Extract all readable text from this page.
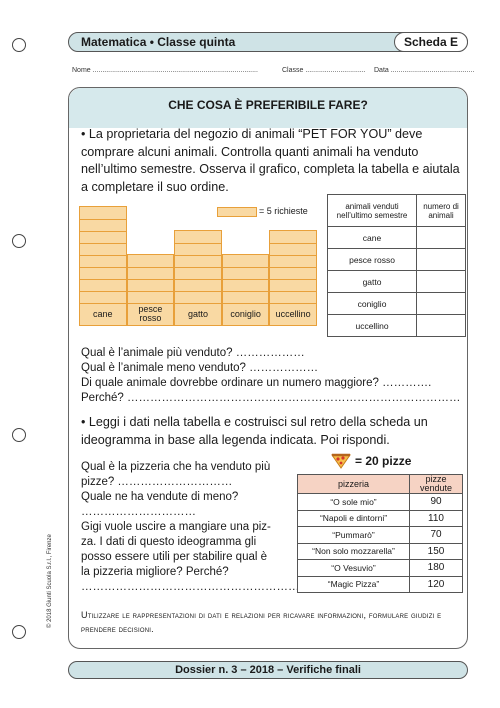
Matematica • Classe quinta	Scheda E
Nome .....................................................................................	Classe ............................... Data ...........................................
CHE COSA È PREFERIBILE FARE?
• La proprietaria del negozio di animali “PET FOR YOU” deve comprare alcuni animali. Controlla quanti animali ha venduto nell’ultimo semestre. Osserva il grafico, completa la tabella e aiutala a completare il suo ordine.
= 5 richieste
cane	pesce rosso	gatto	coniglio	uccellino
animali venduti nell’ultimo semestre	numero di animali
cane	
pesce rosso	
gatto	
coniglio	
uccellino	
Qual è l’animale più venduto? ………………
Qual è l’animale meno venduto? ………………
Di quale animale dovrebbe ordinare un numero maggiore? ………….
Perché? ……………………………………………………………………………
• Leggi i dati nella tabella e costruisci sul retro della scheda un ideogramma in base alla legenda indicata. Poi rispondi.
= 20 pizze
Qual è la pizzeria che ha venduto più
pizze? …………………………
Quale ne ha vendute di meno?
…………………………
Gigi vuole uscire a mangiare una piz-
za. I dati di questo ideogramma gli
posso essere utili per stabilire qual è
la pizzeria migliore? Perché?
…………………………………………………
pizzeria	pizze vendute
“O sole mio”	90
“Napoli e dintorni”	110
“Pummarò”	70
“Non solo mozzarella”	150
“O Vesuvio”	180
“Magic Pizza”	120
Utilizzare le rappresentazioni di dati e relazioni per ricavare informazioni, formulare giudizi e prendere decisioni.
© 2018 Giunti Scuola S.r.l., Firenze
Dossier n. 3 – 2018 – Verifiche finali
